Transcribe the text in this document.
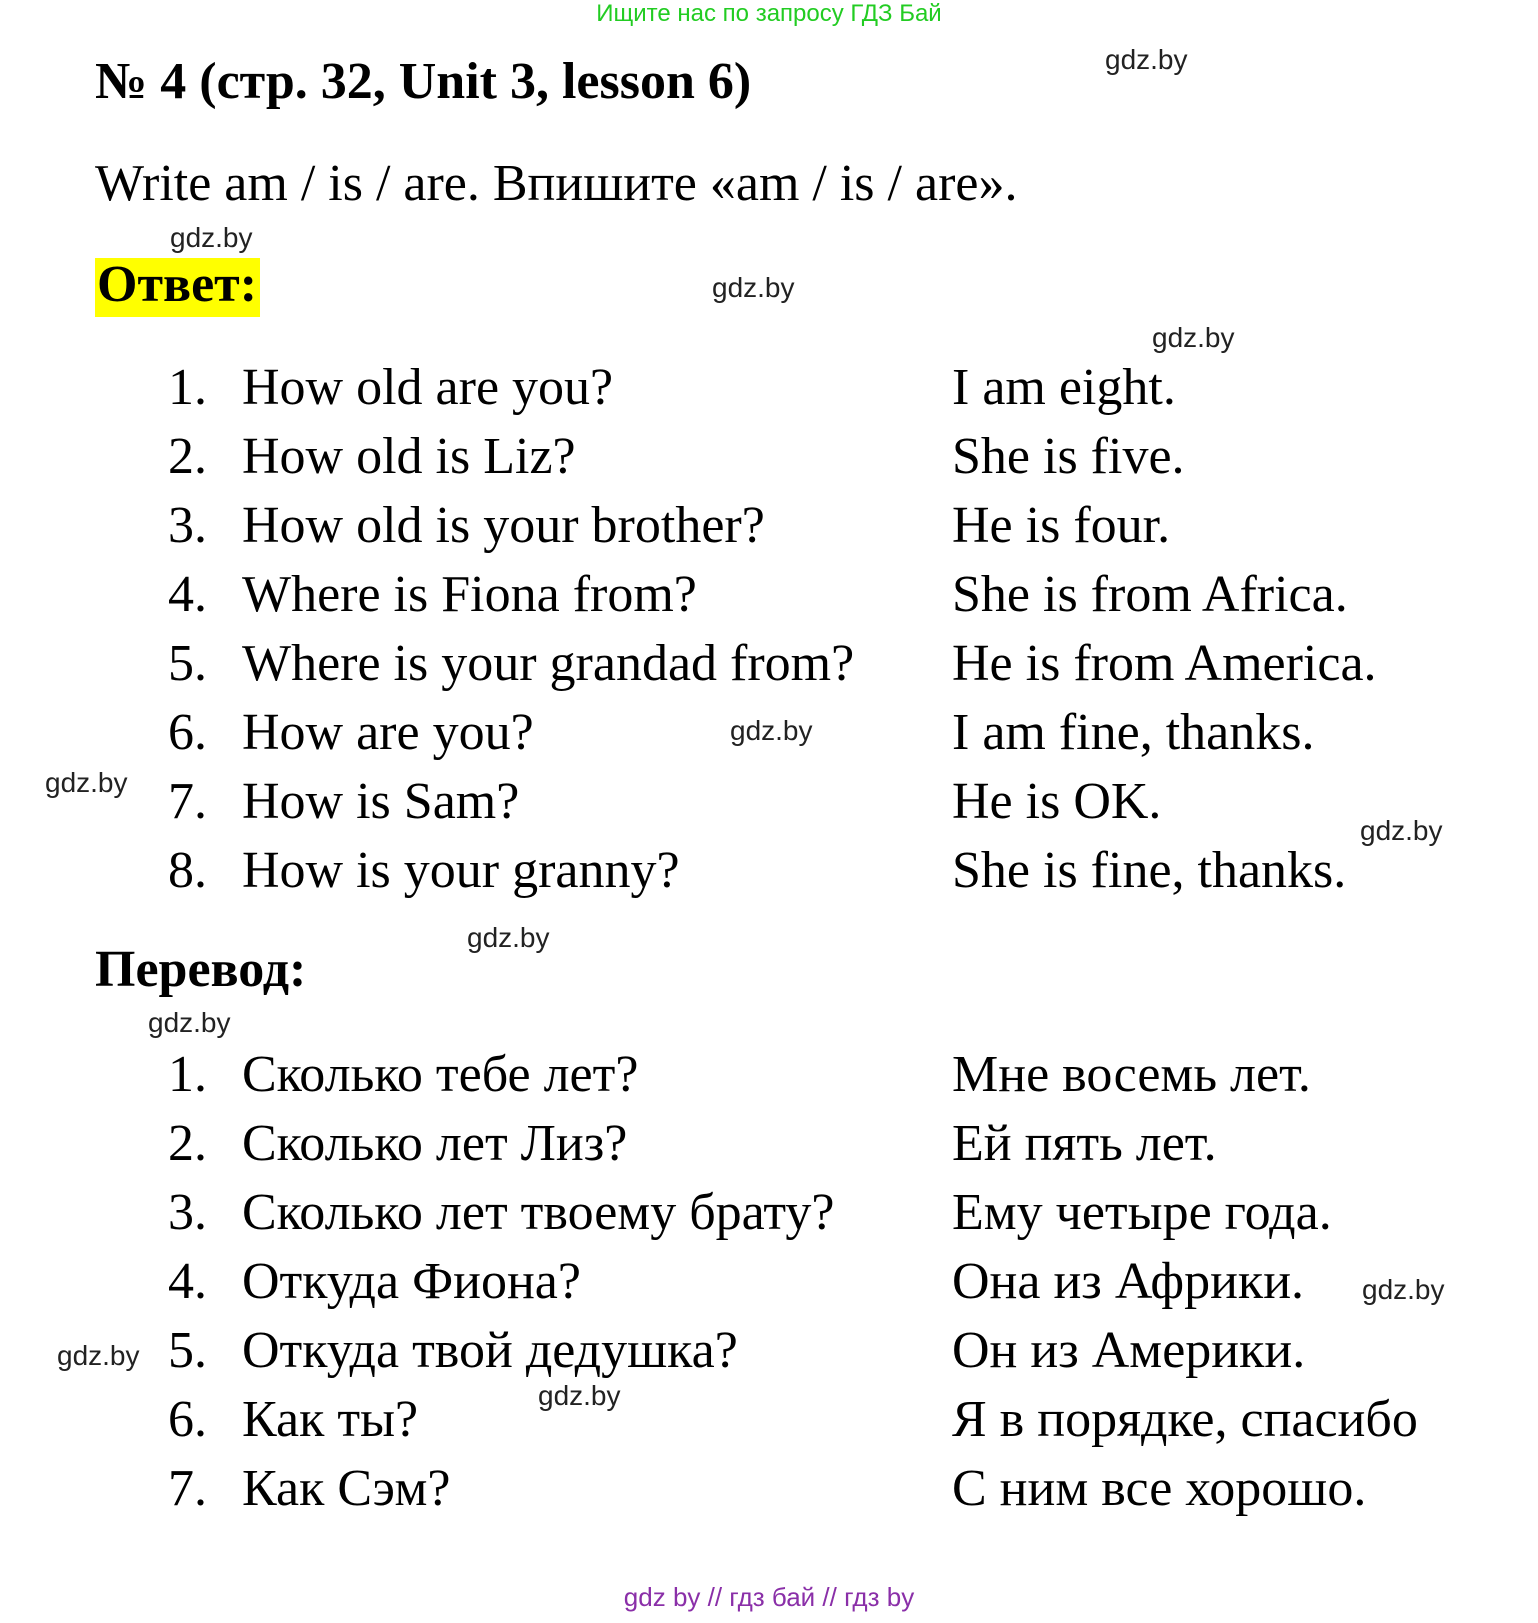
Ищите нас по запросу ГДЗ Бай
№ 4 (стр. 32, Unit 3, lesson 6)
Write am / is / are. Впишите «am / is / are».
Ответ:
1. How old are you?	I am eight.
2. How old is Liz?	She is five.
3. How old is your brother?	He is four.
4. Where is Fiona from?	She is from Africa.
5. Where is your grandad from? He is from America.
6. How are you?	I am fine, thanks.
7. How is Sam?	He is OK.
8. How is your granny?	She is fine, thanks.
Перевод:
1. Сколько тебе лет?	Мне восемь лет.
2. Сколько лет Лиз?	Ей пять лет.
3. Сколько лет твоему брату? Ему четыре года.
4. Откуда Фиона?	Она из Африки.
5. Откуда твой дедушка?	Он из Америки.
6. Как ты?	Я в порядке, спасибо
7. Как Сэм?	С ним все хорошо.
gdz.by
gdz.by
gdz.by
gdz.by
gdz.by
gdz.by
gdz.by
gdz.by
gdz.by
gdz.by
gdz.by
gdz.by
gdz by // гдз бай // гдз by
